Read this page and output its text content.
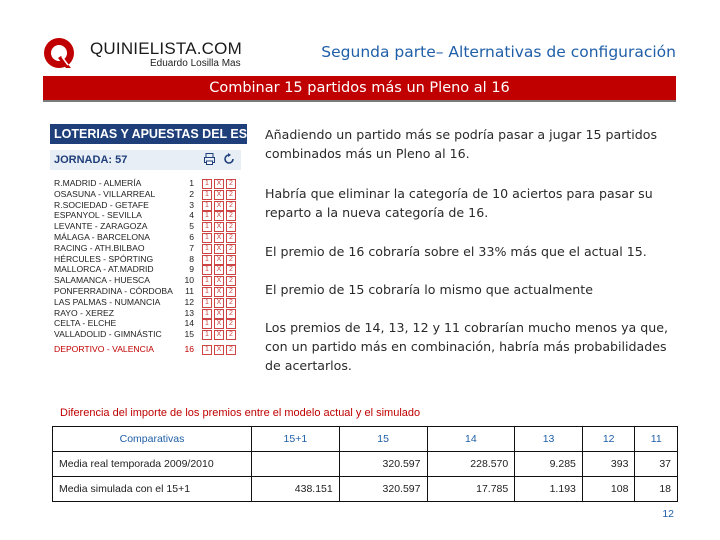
QUINIELISTA.COM
Eduardo Losilla Mas
Segunda parte– Alternativas de configuración
Combinar 15 partidos más un Pleno al 16
LOTERIAS Y APUESTAS DEL ESTADO
JORNADA: 57
R.MADRID - ALMERÍA	1	1	X	2
OSASUNA - VILLARREAL	2	1	X	2
R.SOCIEDAD - GETAFE	3	1	X	2
ESPANYOL - SEVILLA	4	1	X	2
LEVANTE - ZARAGOZA	5	1	X	2
MÁLAGA - BARCELONA	6	1	X	2
RACING - ATH.BILBAO	7	1	X	2
HÉRCULES - SPÓRTING	8	1	X	2
MALLORCA - AT.MADRID	9	1	X	2
SALAMANCA - HUESCA	10	1	X	2
PONFERRADINA - CÓRDOBA	11	1	X	2
LAS PALMAS - NUMANCIA	12	1	X	2
RAYO - XEREZ	13	1	X	2
CELTA - ELCHE	14	1	X	2
VALLADOLID - GIMNÁSTIC	15	1	X	2
DEPORTIVO - VALENCIA	16	1	X	2
Añadiendo un partido más se podría pasar a jugar 15 partidos combinados más un Pleno al 16.
Habría que eliminar la categoría de 10 aciertos para pasar su reparto a la nueva categoría de 16.
El premio de 16 cobraría sobre el 33% más que el actual 15.
El premio de 15 cobraría lo mismo que actualmente
Los premios de 14, 13, 12 y 11 cobrarían mucho menos ya que, con un partido más en combinación, habría más probabilidades de acertarlos.
Diferencia del importe de los premios entre el modelo actual y el simulado
Comparativas	15+1	15	14	13	12	11
Media real temporada 2009/2010		320.597	228.570	9.285	393	37
Media simulada con el 15+1	438.151	320.597	17.785	1.193	108	18
12
